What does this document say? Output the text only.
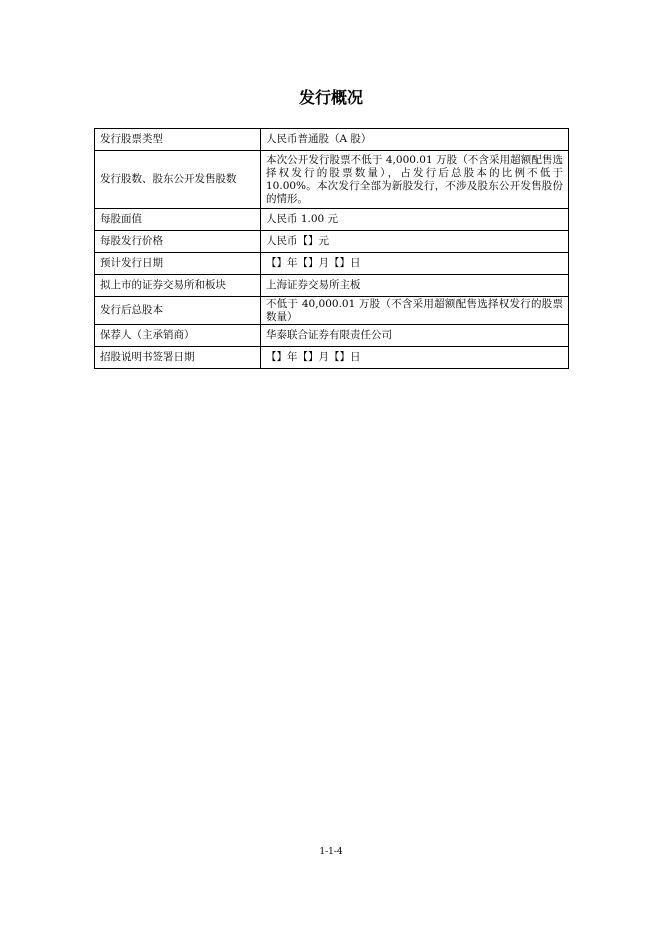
发行概况
发行股票类型	人民币普通股（A 股）
发行股数、股东公开发售股数	本次公开发行股票不低于 4,000.01 万股（不含采用超额配售选择权发行的股票数量），占发行后总股本的比例不低于 10.00%。本次发行全部为新股发行，不涉及股东公开发售股份的情形。
每股面值	人民币 1.00 元
每股发行价格	人民币【】元
预计发行日期	【】年【】月【】日
拟上市的证券交易所和板块	上海证券交易所主板
发行后总股本	不低于 40,000.01 万股（不含采用超额配售选择权发行的股票数量）
保荐人（主承销商）	华泰联合证券有限责任公司
招股说明书签署日期	【】年【】月【】日
1-1-4
